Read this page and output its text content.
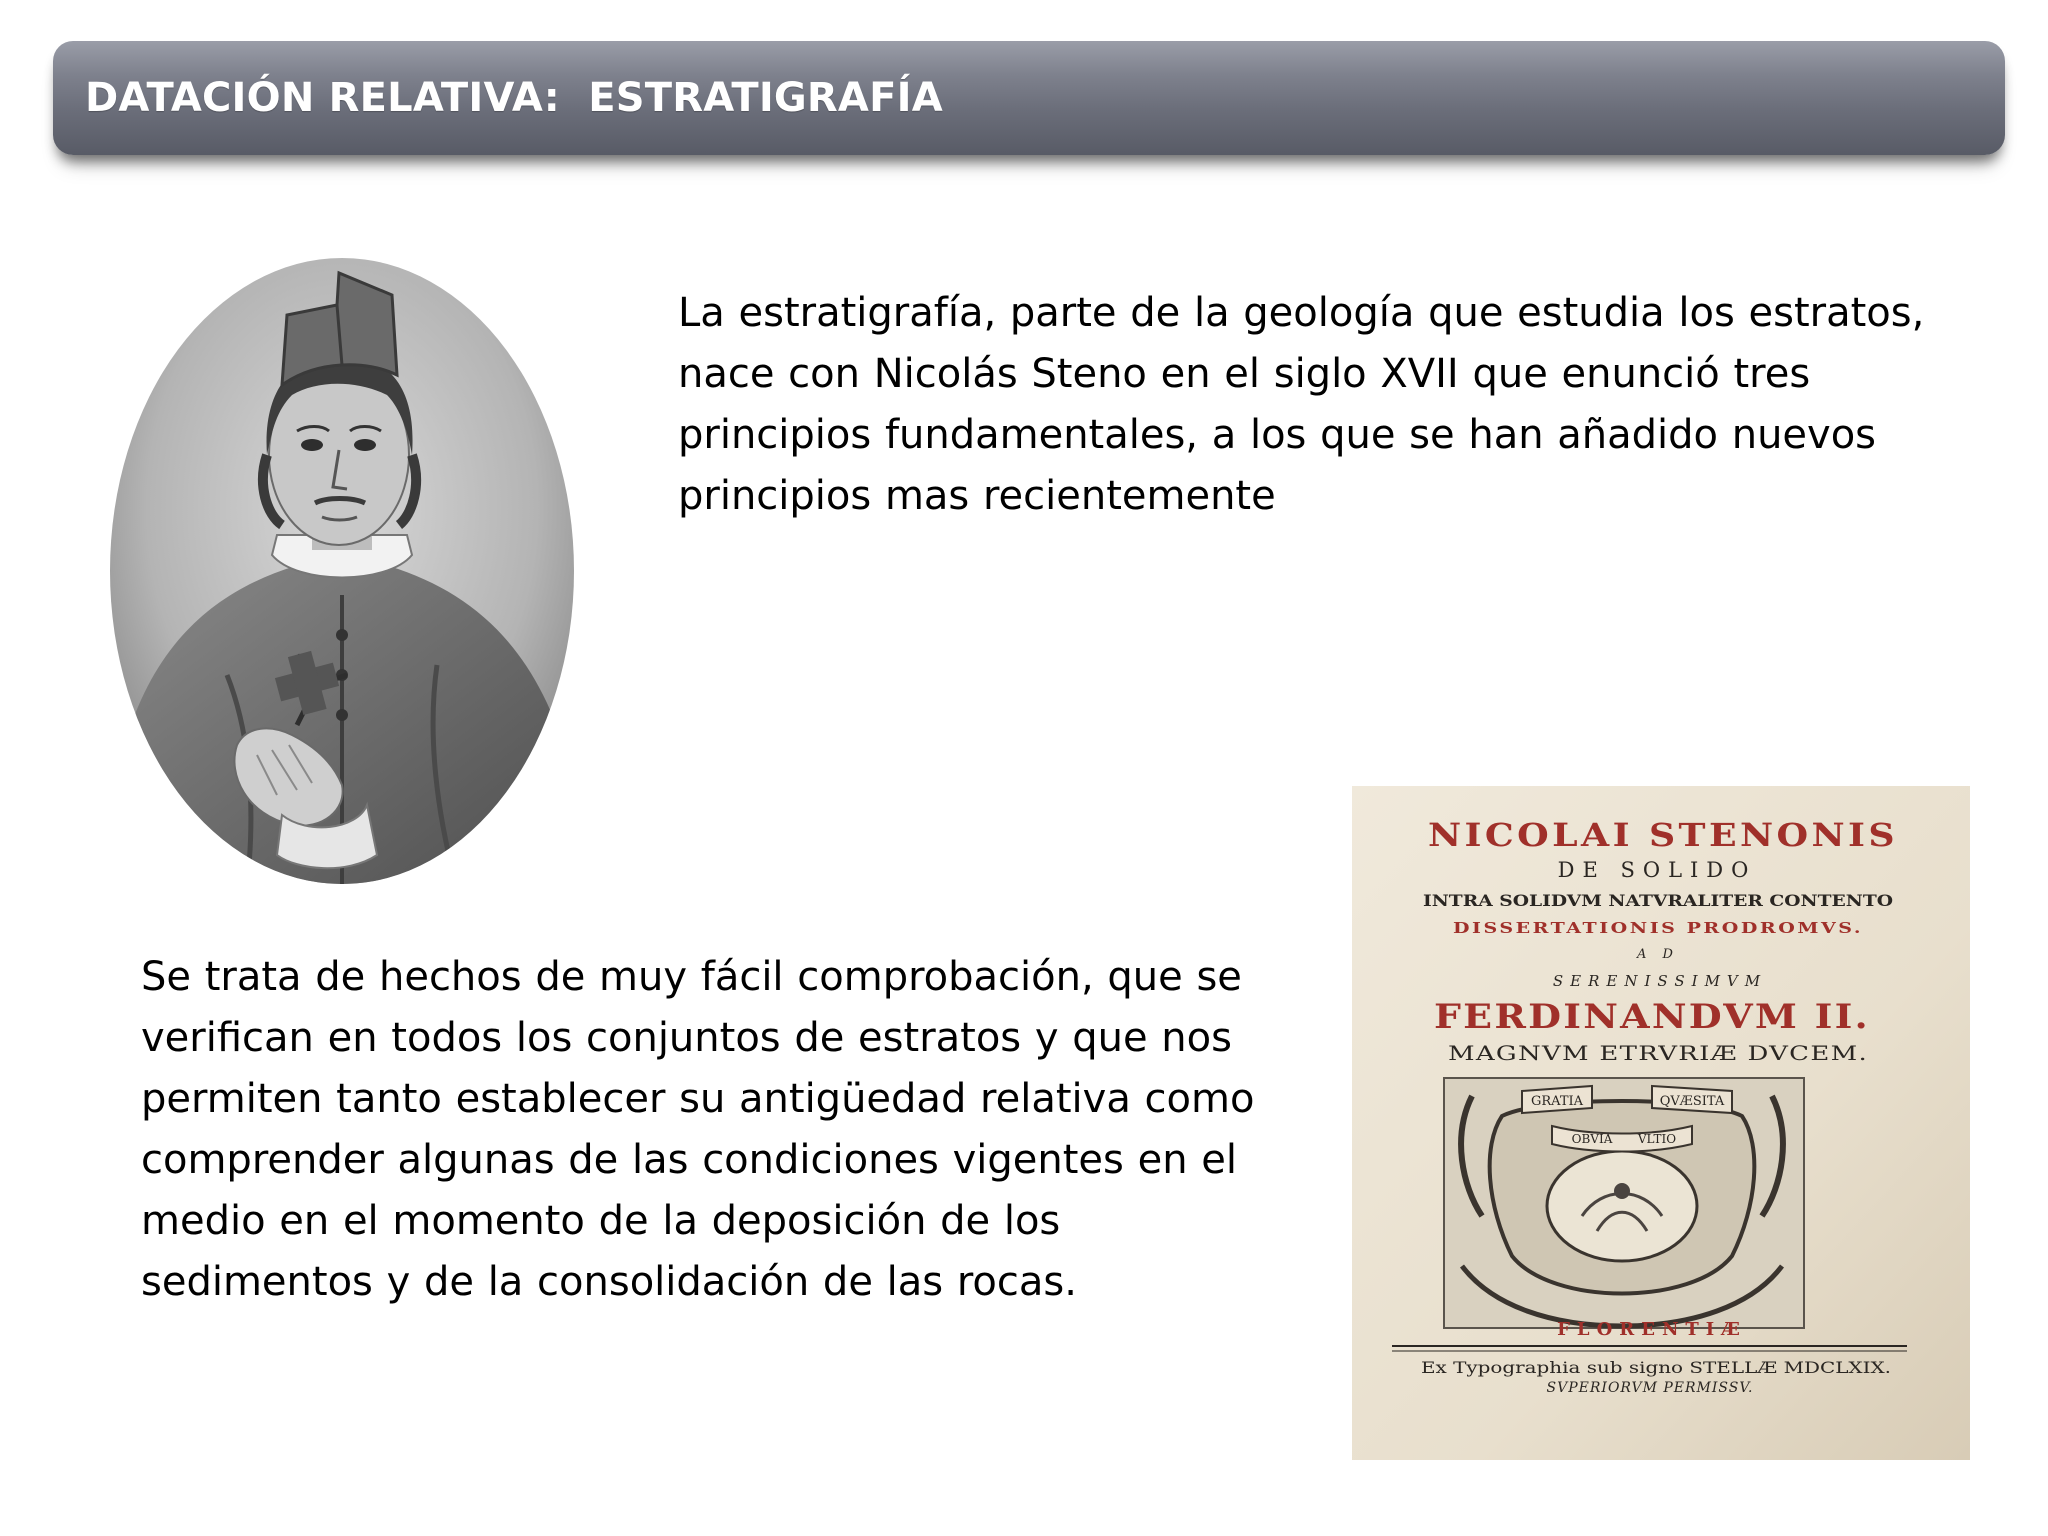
DATACIÓN RELATIVA:  ESTRATIGRAFÍA

La estratigrafía, parte de la geología que estudia los estratos, nace con Nicolás Steno en el siglo XVII que enunció tres principios fundamentales, a los que se han añadido nuevos principios mas recientemente

Se trata de hechos de muy fácil comprobación, que se verifican en todos los conjuntos de estratos y que nos permiten tanto establecer su antigüedad relativa como comprender algunas de las condiciones vigentes en el medio en el momento de la deposición de los sedimentos y de la consolidación de las rocas.

NICOLAI STENONIS
DE SOLIDO
INTRA SOLIDVM NATVRALITER CONTENTO
DISSERTATIONIS PRODROMVS.
A D
SERENISSIMVM
FERDINANDVM II.
MAGNVM ETRVRIÆ DVCEM.
GRATIA	QVÆSITA
OBVIA VLTIO
FLORENTIÆ
Ex Typographia sub signo STELLÆ MDCLXIX.
SVPERIORVM PERMISSV.
